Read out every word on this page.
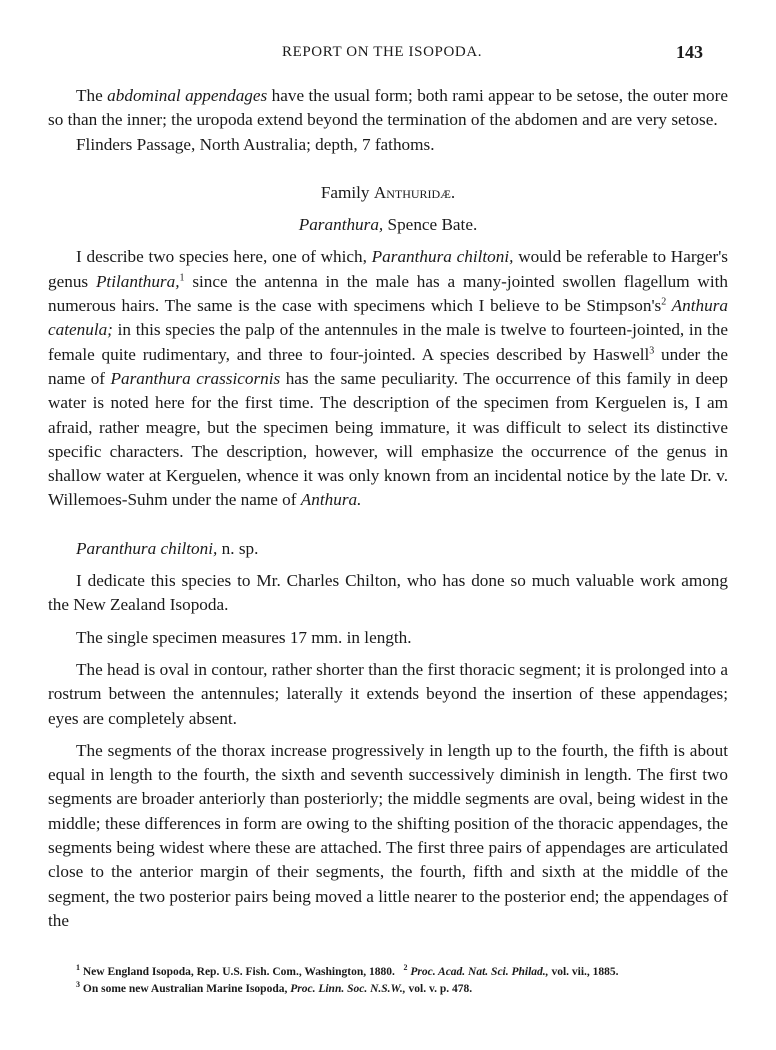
REPORT ON THE ISOPODA.	143

The abdominal appendages have the usual form; both rami appear to be setose, the outer more so than the inner; the uropoda extend beyond the termination of the abdomen and are very setose.

Flinders Passage, North Australia; depth, 7 fathoms.

Family Anthuridæ.

Paranthura, Spence Bate.

I describe two species here, one of which, Paranthura chiltoni, would be referable to Harger's genus Ptilanthura,$^1$ since the antenna in the male has a many-jointed swollen flagellum with numerous hairs. The same is the case with specimens which I believe to be $Stimpson's^2$ Anthura catenula; in this species the palp of the antennules in the male is twelve to fourteen-jointed, in the female quite rudimentary, and three to four-jointed. A species described by Haswell$^3$ under the name of Paranthura crassicornis has the same peculiarity. The occurrence of this family in deep water is noted here for the first time. The description of the specimen from Kerguelen is, I am afraid, rather meagre, but the specimen being immature, it was difficult to select its distinctive specific characters. The description, however, will emphasize the occurrence of the genus in shallow water at Kerguelen, whence it was only known from an incidental notice by the late Dr. v. Willemoes-Suhm under the name of Anthura.

Paranthura chiltoni, n. sp.

I dedicate this species to Mr. Charles Chilton, who has done so much valuable work among the New Zealand Isopoda.

The single specimen measures 17 mm. in length.

The head is oval in contour, rather shorter than the first thoracic segment; it is prolonged into a rostrum between the antennules; laterally it extends beyond the insertion of these appendages; eyes are completely absent.

The segments of the thorax increase progressively in length up to the fourth, the fifth is about equal in length to the fourth, the sixth and seventh successively diminish in length. The first two segments are broader anteriorly than posteriorly; the middle segments are oval, being widest in the middle; these differences in form are owing to the shifting position of the thoracic appendages, the segments being widest where these are attached. The first three pairs of appendages are articulated close to the anterior margin of their segments, the fourth, fifth and sixth at the middle of the segment, the two posterior pairs being moved a little nearer to the posterior end; the appendages of the

$^1$ New England Isopoda, Rep. U.S. Fish. Com., Washington, 1880. $^2$ Proc. Acad. Nat. Sci. Philad., vol. vii., 1885.
$^3$ On some new Australian Marine Isopoda, Proc. Linn. Soc. N.S.W., vol. v. p. 478.
